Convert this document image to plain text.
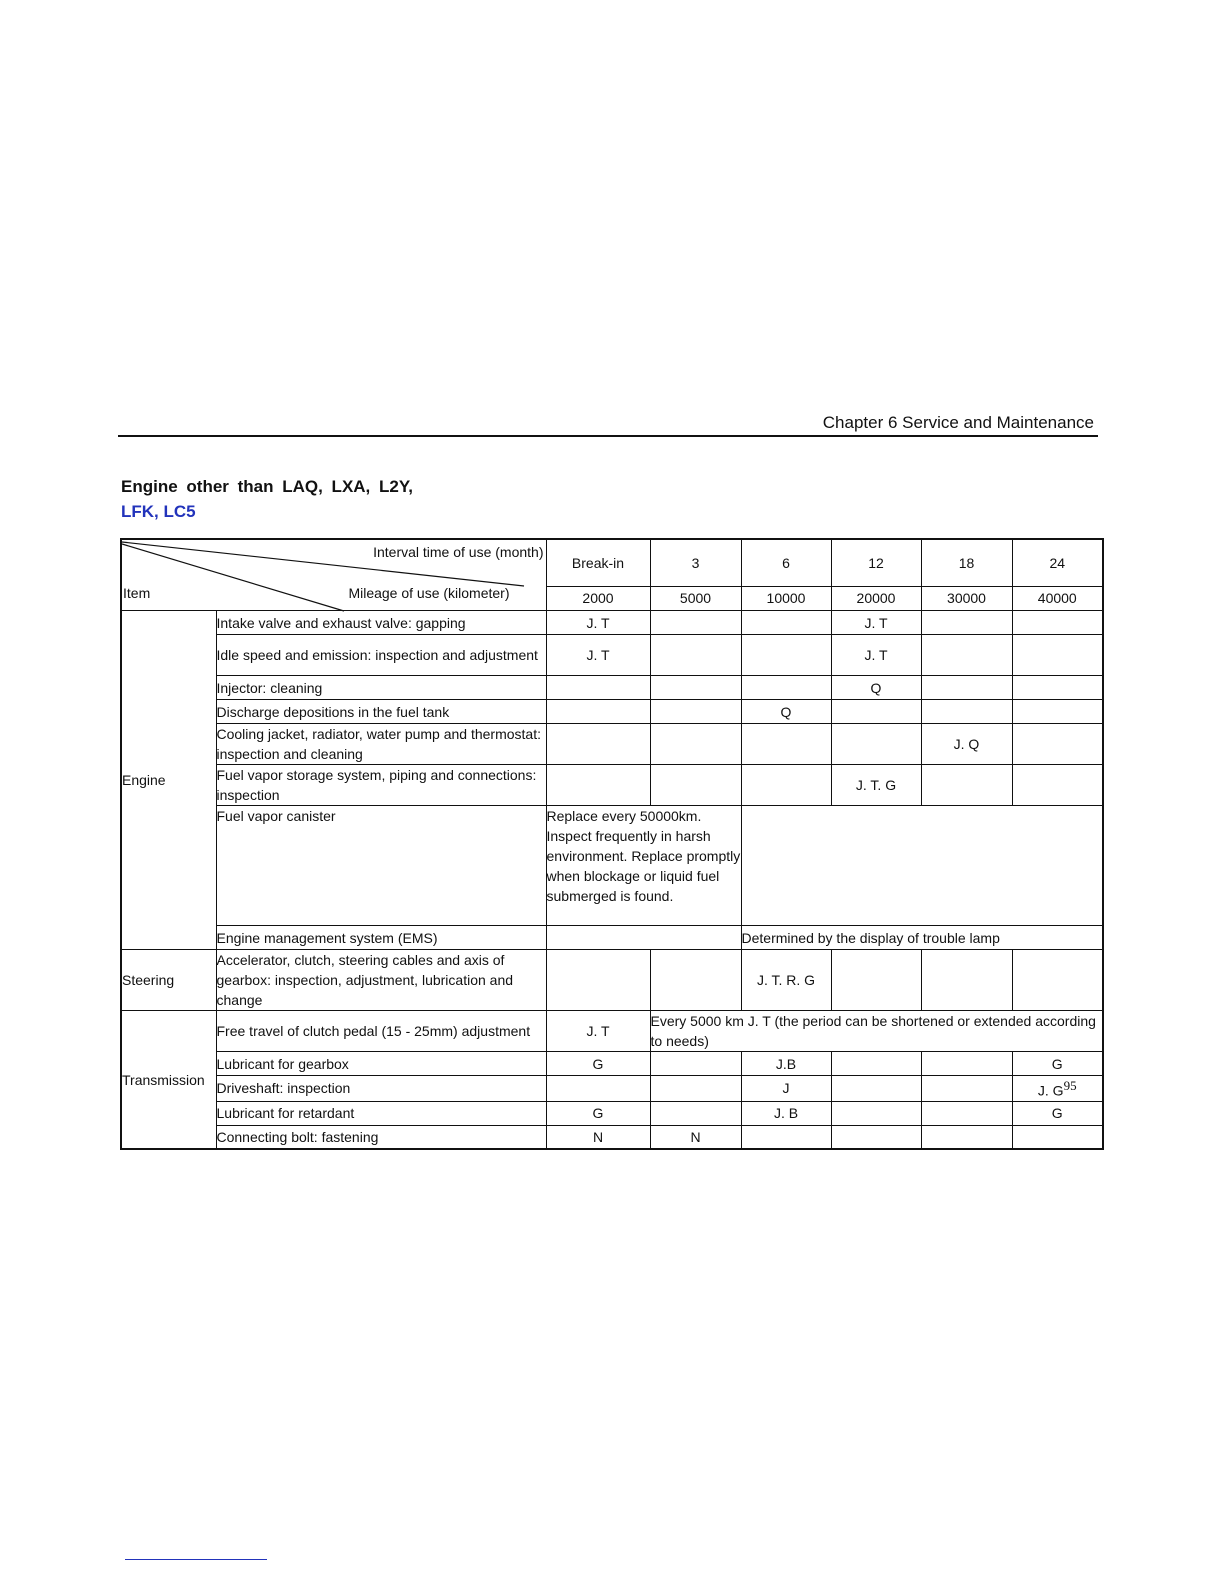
Chapter 6 Service and Maintenance
Engine other than LAQ, LXA, L2Y,
LFK, LC5
Interval time of use (month)
Mileage of use (kilometer)
Item		Break-in	3	6	12	18	24
		2000	5000	10000	20000	30000	40000
Engine	Intake valve and exhaust valve: gapping	J. T			J. T		
	Idle speed and emission: inspection and adjustment	J. T			J. T		
	Injector: cleaning				Q		
	Discharge depositions in the fuel tank			Q			
	Cooling jacket, radiator, water pump and thermostat: inspection and cleaning					J. Q	
	Fuel vapor storage system, piping and connections: inspection				J. T. G		
	Fuel vapor canister	Replace every 50000km. Inspect frequently in harsh environment. Replace promptly when blockage or liquid fuel submerged is found.					
	Engine management system (EMS)			Determined by the display of trouble lamp			
Steering	Accelerator, clutch, steering cables and axis of gearbox: inspection, adjustment, lubrication and change			J. T. R. G			
Transmission	Free travel of clutch pedal (15 - 25mm) adjustment	J. T	Every 5000 km J. T (the period can be shortened or extended according to needs)				
	Lubricant for gearbox	G		J.B			G
	Driveshaft: inspection			J			J. $G^{95}$
	Lubricant for retardant	G		J. B			G
	Connecting bolt: fastening	N	N				
